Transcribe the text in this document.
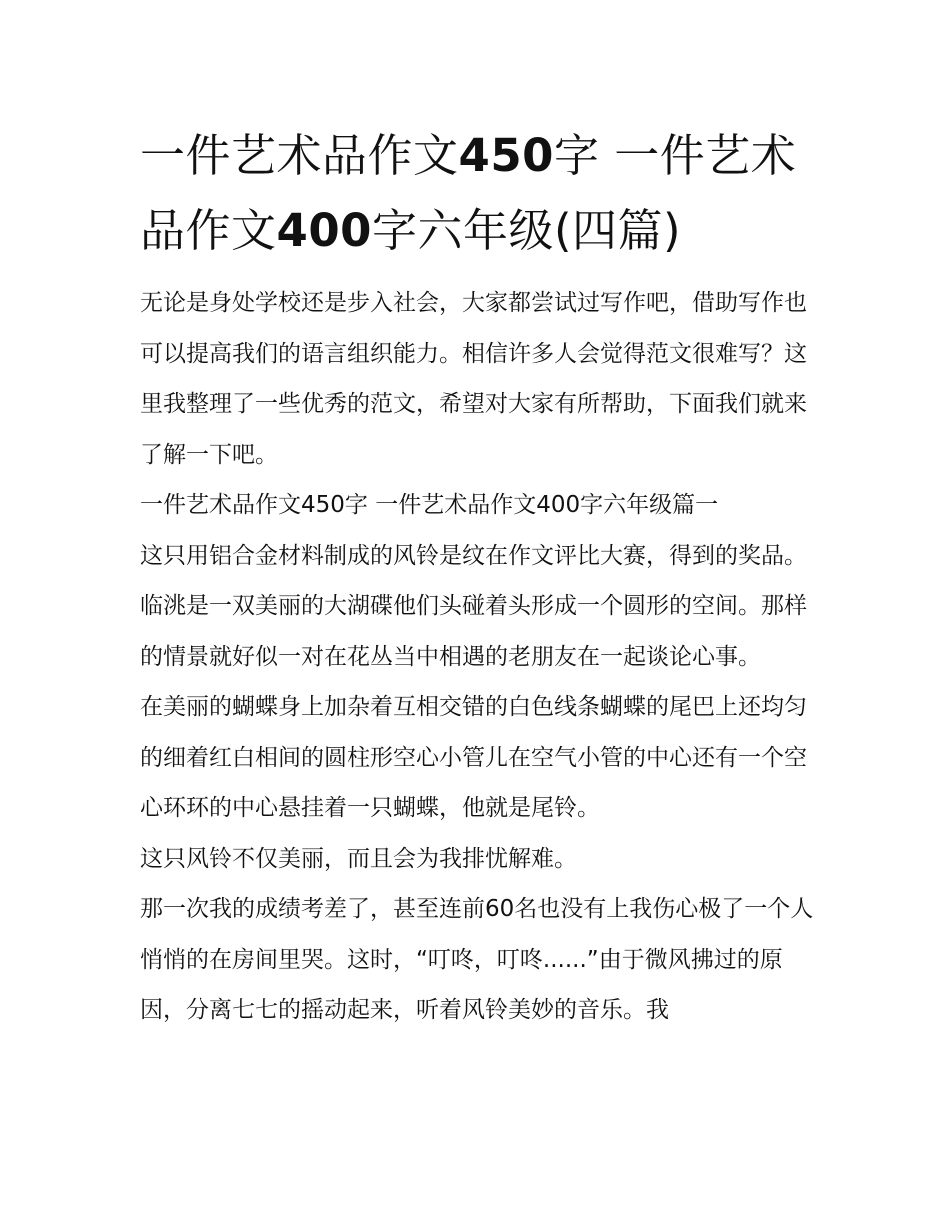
一件艺术品作文450字 一件艺术品作文400字六年级(四篇)

无论是身处学校还是步入社会，大家都尝试过写作吧，借助写作也可以提高我们的语言组织能力。相信许多人会觉得范文很难写？这里我整理了一些优秀的范文，希望对大家有所帮助，下面我们就来了解一下吧。

一件艺术品作文450字 一件艺术品作文400字六年级篇一

这只用铝合金材料制成的风铃是纹在作文评比大赛，得到的奖品。临洮是一双美丽的大湖碟他们头碰着头形成一个圆形的空间。那样的情景就好似一对在花丛当中相遇的老朋友在一起谈论心事。

在美丽的蝴蝶身上加杂着互相交错的白色线条蝴蝶的尾巴上还均匀的细着红白相间的圆柱形空心小管儿在空气小管的中心还有一个空心环环的中心悬挂着一只蝴蝶，他就是尾铃。

这只风铃不仅美丽，而且会为我排忧解难。

那一次我的成绩考差了，甚至连前60名也没有上我伤心极了一个人悄悄的在房间里哭。这时，“叮咚，叮咚......”由于微风拂过的原因，分离七七的摇动起来，听着风铃美妙的音乐。我
